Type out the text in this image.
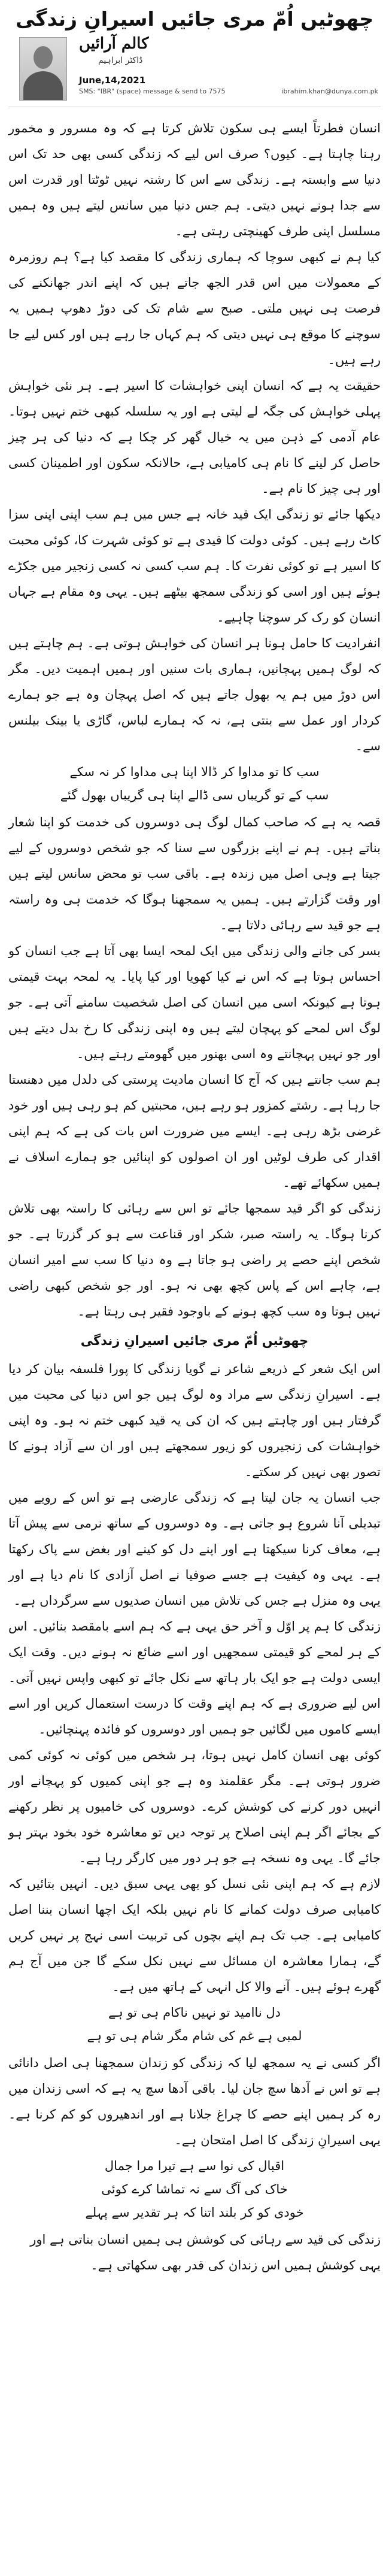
چھوٹیں اُمّ مری جائیں اسیرانِ زندگی
کالم آرائیں
ڈاکٹر ابراہیم
June,14,2021
SMS: "IBR" (space) message & send to 7575	ibrahim.khan@dunya.com.pk

انسان فطرتاً ایسے ہی سکون تلاش کرتا ہے کہ وہ مسرور و مخمور رہنا چاہتا ہے۔ کیوں؟ صرف اس لیے کہ زندگی کسی بھی حد تک اس دنیا سے وابستہ ہے۔ زندگی سے اس کا رشتہ نہیں ٹوٹتا اور قدرت اس سے جدا ہونے نہیں دیتی۔ ہم جس دنیا میں سانس لیتے ہیں وہ ہمیں مسلسل اپنی طرف کھینچتی رہتی ہے۔

کیا ہم نے کبھی سوچا کہ ہماری زندگی کا مقصد کیا ہے؟ ہم روزمرہ کے معمولات میں اس قدر الجھ جاتے ہیں کہ اپنے اندر جھانکنے کی فرصت ہی نہیں ملتی۔ صبح سے شام تک کی دوڑ دھوپ ہمیں یہ سوچنے کا موقع ہی نہیں دیتی کہ ہم کہاں جا رہے ہیں اور کس لیے جا رہے ہیں۔

حقیقت یہ ہے کہ انسان اپنی خواہشات کا اسیر ہے۔ ہر نئی خواہش پہلی خواہش کی جگہ لے لیتی ہے اور یہ سلسلہ کبھی ختم نہیں ہوتا۔ عام آدمی کے ذہن میں یہ خیال گھر کر چکا ہے کہ دنیا کی ہر چیز حاصل کر لینے کا نام ہی کامیابی ہے، حالانکہ سکون اور اطمینان کسی اور ہی چیز کا نام ہے۔

دیکھا جائے تو زندگی ایک قید خانہ ہے جس میں ہم سب اپنی اپنی سزا کاٹ رہے ہیں۔ کوئی دولت کا قیدی ہے تو کوئی شہرت کا، کوئی محبت کا اسیر ہے تو کوئی نفرت کا۔ ہم سب کسی نہ کسی زنجیر میں جکڑے ہوئے ہیں اور اسی کو زندگی سمجھ بیٹھے ہیں۔ یہی وہ مقام ہے جہاں انسان کو رک کر سوچنا چاہیے۔

انفرادیت کا حامل ہونا ہر انسان کی خواہش ہوتی ہے۔ ہم چاہتے ہیں کہ لوگ ہمیں پہچانیں، ہماری بات سنیں اور ہمیں اہمیت دیں۔ مگر اس دوڑ میں ہم یہ بھول جاتے ہیں کہ اصل پہچان وہ ہے جو ہمارے کردار اور عمل سے بنتی ہے، نہ کہ ہمارے لباس، گاڑی یا بینک بیلنس سے۔

سب کا تو مداوا کر ڈالا اپنا ہی مداوا کر نہ سکے
سب کے تو گریباں سی ڈالے اپنا ہی گریباں بھول گئے

قصہ یہ ہے کہ صاحب کمال لوگ ہی دوسروں کی خدمت کو اپنا شعار بناتے ہیں۔ ہم نے اپنے بزرگوں سے سنا کہ جو شخص دوسروں کے لیے جیتا ہے وہی اصل میں زندہ ہے۔ باقی سب تو محض سانس لیتے ہیں اور وقت گزارتے ہیں۔ ہمیں یہ سمجھنا ہوگا کہ خدمت ہی وہ راستہ ہے جو قید سے رہائی دلاتا ہے۔

بسر کی جانے والی زندگی میں ایک لمحہ ایسا بھی آتا ہے جب انسان کو احساس ہوتا ہے کہ اس نے کیا کھویا اور کیا پایا۔ یہ لمحہ بہت قیمتی ہوتا ہے کیونکہ اسی میں انسان کی اصل شخصیت سامنے آتی ہے۔ جو لوگ اس لمحے کو پہچان لیتے ہیں وہ اپنی زندگی کا رخ بدل دیتے ہیں اور جو نہیں پہچانتے وہ اسی بھنور میں گھومتے رہتے ہیں۔

ہم سب جانتے ہیں کہ آج کا انسان مادیت پرستی کی دلدل میں دھنستا جا رہا ہے۔ رشتے کمزور ہو رہے ہیں، محبتیں کم ہو رہی ہیں اور خود غرضی بڑھ رہی ہے۔ ایسے میں ضرورت اس بات کی ہے کہ ہم اپنی اقدار کی طرف لوٹیں اور ان اصولوں کو اپنائیں جو ہمارے اسلاف نے ہمیں سکھائے تھے۔

زندگی کو اگر قید سمجھا جائے تو اس سے رہائی کا راستہ بھی تلاش کرنا ہوگا۔ یہ راستہ صبر، شکر اور قناعت سے ہو کر گزرتا ہے۔ جو شخص اپنے حصے پر راضی ہو جاتا ہے وہ دنیا کا سب سے امیر انسان ہے، چاہے اس کے پاس کچھ بھی نہ ہو۔ اور جو شخص کبھی راضی نہیں ہوتا وہ سب کچھ ہونے کے باوجود فقیر ہی رہتا ہے۔

چھوٹیں اُمّ مری جائیں اسیرانِ زندگی

اس ایک شعر کے ذریعے شاعر نے گویا زندگی کا پورا فلسفہ بیان کر دیا ہے۔ اسیرانِ زندگی سے مراد وہ لوگ ہیں جو اس دنیا کی محبت میں گرفتار ہیں اور چاہتے ہیں کہ ان کی یہ قید کبھی ختم نہ ہو۔ وہ اپنی خواہشات کی زنجیروں کو زیور سمجھتے ہیں اور ان سے آزاد ہونے کا تصور بھی نہیں کر سکتے۔

جب انسان یہ جان لیتا ہے کہ زندگی عارضی ہے تو اس کے رویے میں تبدیلی آنا شروع ہو جاتی ہے۔ وہ دوسروں کے ساتھ نرمی سے پیش آتا ہے، معاف کرنا سیکھتا ہے اور اپنے دل کو کینے اور بغض سے پاک رکھتا ہے۔ یہی وہ کیفیت ہے جسے صوفیا نے اصل آزادی کا نام دیا ہے اور یہی وہ منزل ہے جس کی تلاش میں انسان صدیوں سے سرگرداں ہے۔

زندگی کا ہم پر اوّل و آخر حق یہی ہے کہ ہم اسے بامقصد بنائیں۔ اس کے ہر لمحے کو قیمتی سمجھیں اور اسے ضائع نہ ہونے دیں۔ وقت ایک ایسی دولت ہے جو ایک بار ہاتھ سے نکل جائے تو کبھی واپس نہیں آتی۔ اس لیے ضروری ہے کہ ہم اپنے وقت کا درست استعمال کریں اور اسے ایسے کاموں میں لگائیں جو ہمیں اور دوسروں کو فائدہ پہنچائیں۔

کوئی بھی انسان کامل نہیں ہوتا، ہر شخص میں کوئی نہ کوئی کمی ضرور ہوتی ہے۔ مگر عقلمند وہ ہے جو اپنی کمیوں کو پہچانے اور انہیں دور کرنے کی کوشش کرے۔ دوسروں کی خامیوں پر نظر رکھنے کے بجائے اگر ہم اپنی اصلاح پر توجہ دیں تو معاشرہ خود بخود بہتر ہو جائے گا۔ یہی وہ نسخہ ہے جو ہر دور میں کارگر رہا ہے۔

لازم ہے کہ ہم اپنی نئی نسل کو بھی یہی سبق دیں۔ انہیں بتائیں کہ کامیابی صرف دولت کمانے کا نام نہیں بلکہ ایک اچھا انسان بننا اصل کامیابی ہے۔ جب تک ہم اپنے بچوں کی تربیت اسی نہج پر نہیں کریں گے، ہمارا معاشرہ ان مسائل سے نہیں نکل سکے گا جن میں آج ہم گھرے ہوئے ہیں۔ آنے والا کل انہی کے ہاتھ میں ہے۔

دل ناامید تو نہیں ناکام ہی تو ہے
لمبی ہے غم کی شام مگر شام ہی تو ہے

اگر کسی نے یہ سمجھ لیا کہ زندگی کو زندان سمجھنا ہی اصل دانائی ہے تو اس نے آدھا سچ جان لیا۔ باقی آدھا سچ یہ ہے کہ اسی زندان میں رہ کر ہمیں اپنے حصے کا چراغ جلانا ہے اور اندھیروں کو کم کرنا ہے۔ یہی اسیرانِ زندگی کا اصل امتحان ہے۔

اقبال کی نوا سے ہے تیرا مرا جمال
خاک کی آگ سے نہ تماشا کرے کوئی
خودی کو کر بلند اتنا کہ ہر تقدیر سے پہلے

زندگی کی قید سے رہائی کی کوشش ہی ہمیں انسان بناتی ہے اور یہی کوشش ہمیں اس زندان کی قدر بھی سکھاتی ہے۔
